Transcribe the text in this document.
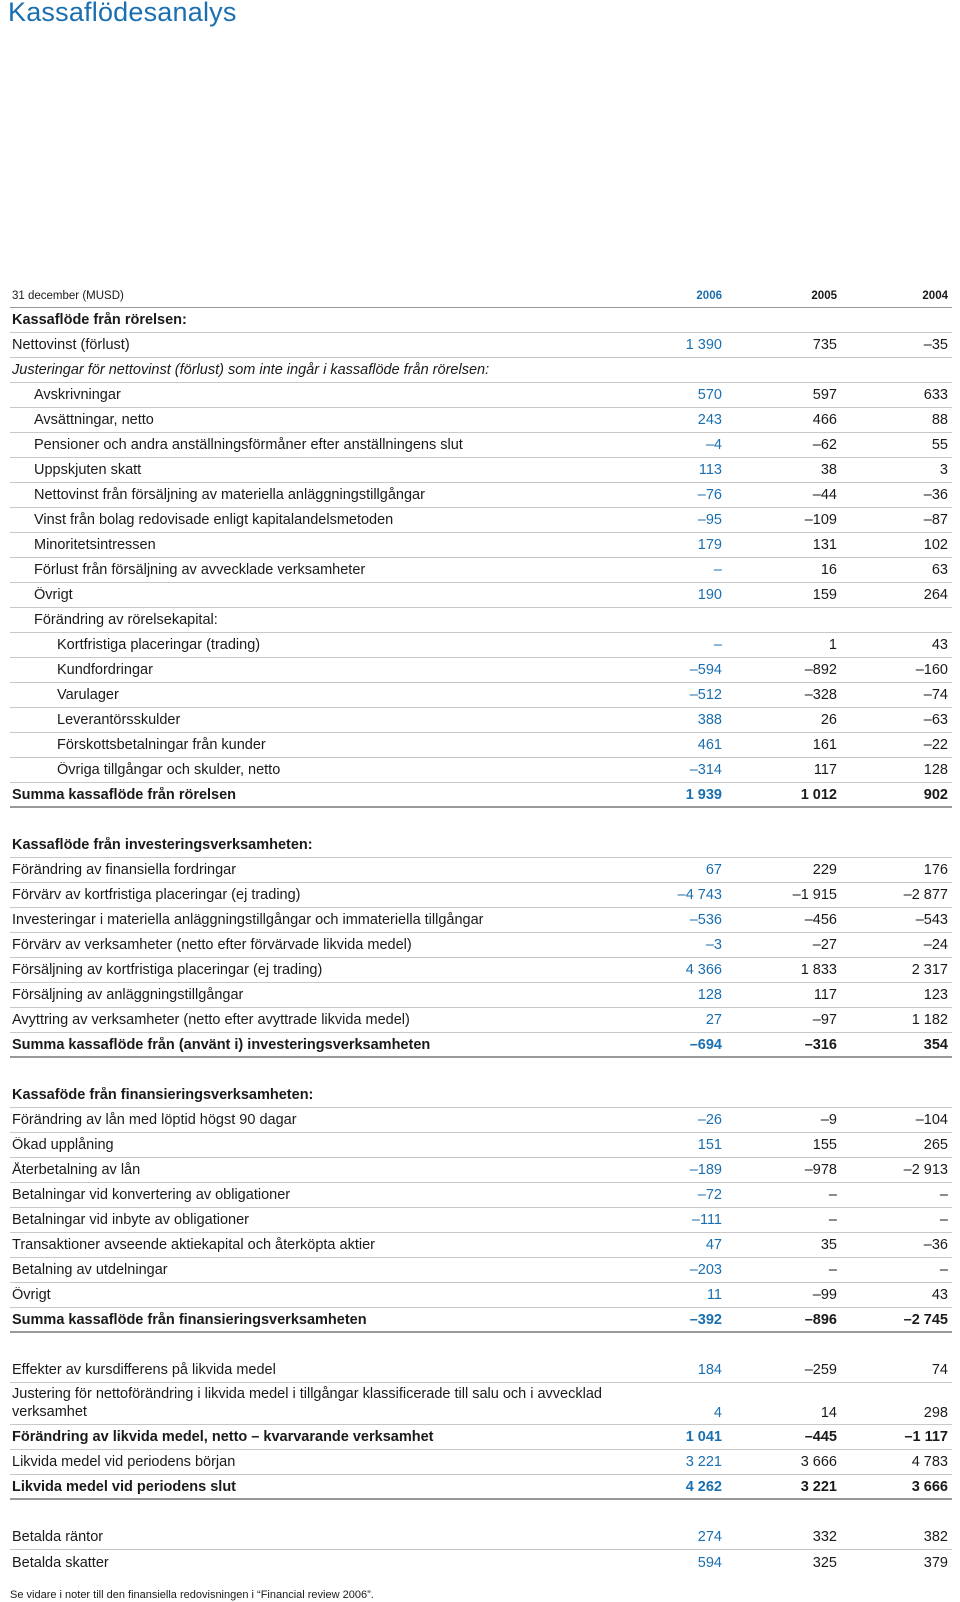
Kassaflödesanalys
31 december (MUSD)	2006	2005	2004
Kassaflöde från rörelsen:
Nettovinst (förlust)	1 390	735	–35
Justeringar för nettovinst (förlust) som inte ingår i kassaflöde från rörelsen:
Avskrivningar	570	597	633
Avsättningar, netto	243	466	88
Pensioner och andra anställningsförmåner efter anställningens slut	–4	–62	55
Uppskjuten skatt	113	38	3
Nettovinst från försäljning av materiella anläggningstillgångar	–76	–44	–36
Vinst från bolag redovisade enligt kapitalandelsmetoden	–95	–109	–87
Minoritetsintressen	179	131	102
Förlust från försäljning av avvecklade verksamheter	–	16	63
Övrigt	190	159	264
Förändring av rörelsekapital:
Kortfristiga placeringar (trading)	–	1	43
Kundfordringar	–594	–892	–160
Varulager	–512	–328	–74
Leverantörsskulder	388	26	–63
Förskottsbetalningar från kunder	461	161	–22
Övriga tillgångar och skulder, netto	–314	117	128
Summa kassaflöde från rörelsen	1 939	1 012	902
Kassaflöde från investeringsverksamheten:
Förändring av finansiella fordringar	67	229	176
Förvärv av kortfristiga placeringar (ej trading)	–4 743	–1 915	–2 877
Investeringar i materiella anläggningstillgångar och immateriella tillgångar	–536	–456	–543
Förvärv av verksamheter (netto efter förvärvade likvida medel)	–3	–27	–24
Försäljning av kortfristiga placeringar (ej trading)	4 366	1 833	2 317
Försäljning av anläggningstillgångar	128	117	123
Avyttring av verksamheter (netto efter avyttrade likvida medel)	27	–97	1 182
Summa kassaflöde från (använt i) investeringsverksamheten	–694	–316	354
Kassaföde från finansieringsverksamheten:
Förändring av lån med löptid högst 90 dagar	–26	–9	–104
Ökad upplåning	151	155	265
Återbetalning av lån	–189	–978	–2 913
Betalningar vid konvertering av obligationer	–72	–	–
Betalningar vid inbyte av obligationer	–111	–	–
Transaktioner avseende aktiekapital och återköpta aktier	47	35	–36
Betalning av utdelningar	–203	–	–
Övrigt	11	–99	43
Summa kassaflöde från finansieringsverksamheten	–392	–896	–2 745
Effekter av kursdifferens på likvida medel	184	–259	74
Justering för nettoförändring i likvida medel i tillgångar klassificerade till salu och i avvecklad verksamhet	4	14	298
Förändring av likvida medel, netto – kvarvarande verksamhet	1 041	–445	–1 117
Likvida medel vid periodens början	3 221	3 666	4 783
Likvida medel vid periodens slut	4 262	3 221	3 666
Betalda räntor	274	332	382
Betalda skatter	594	325	379
Se vidare i noter till den finansiella redovisningen i “Financial review 2006”.
